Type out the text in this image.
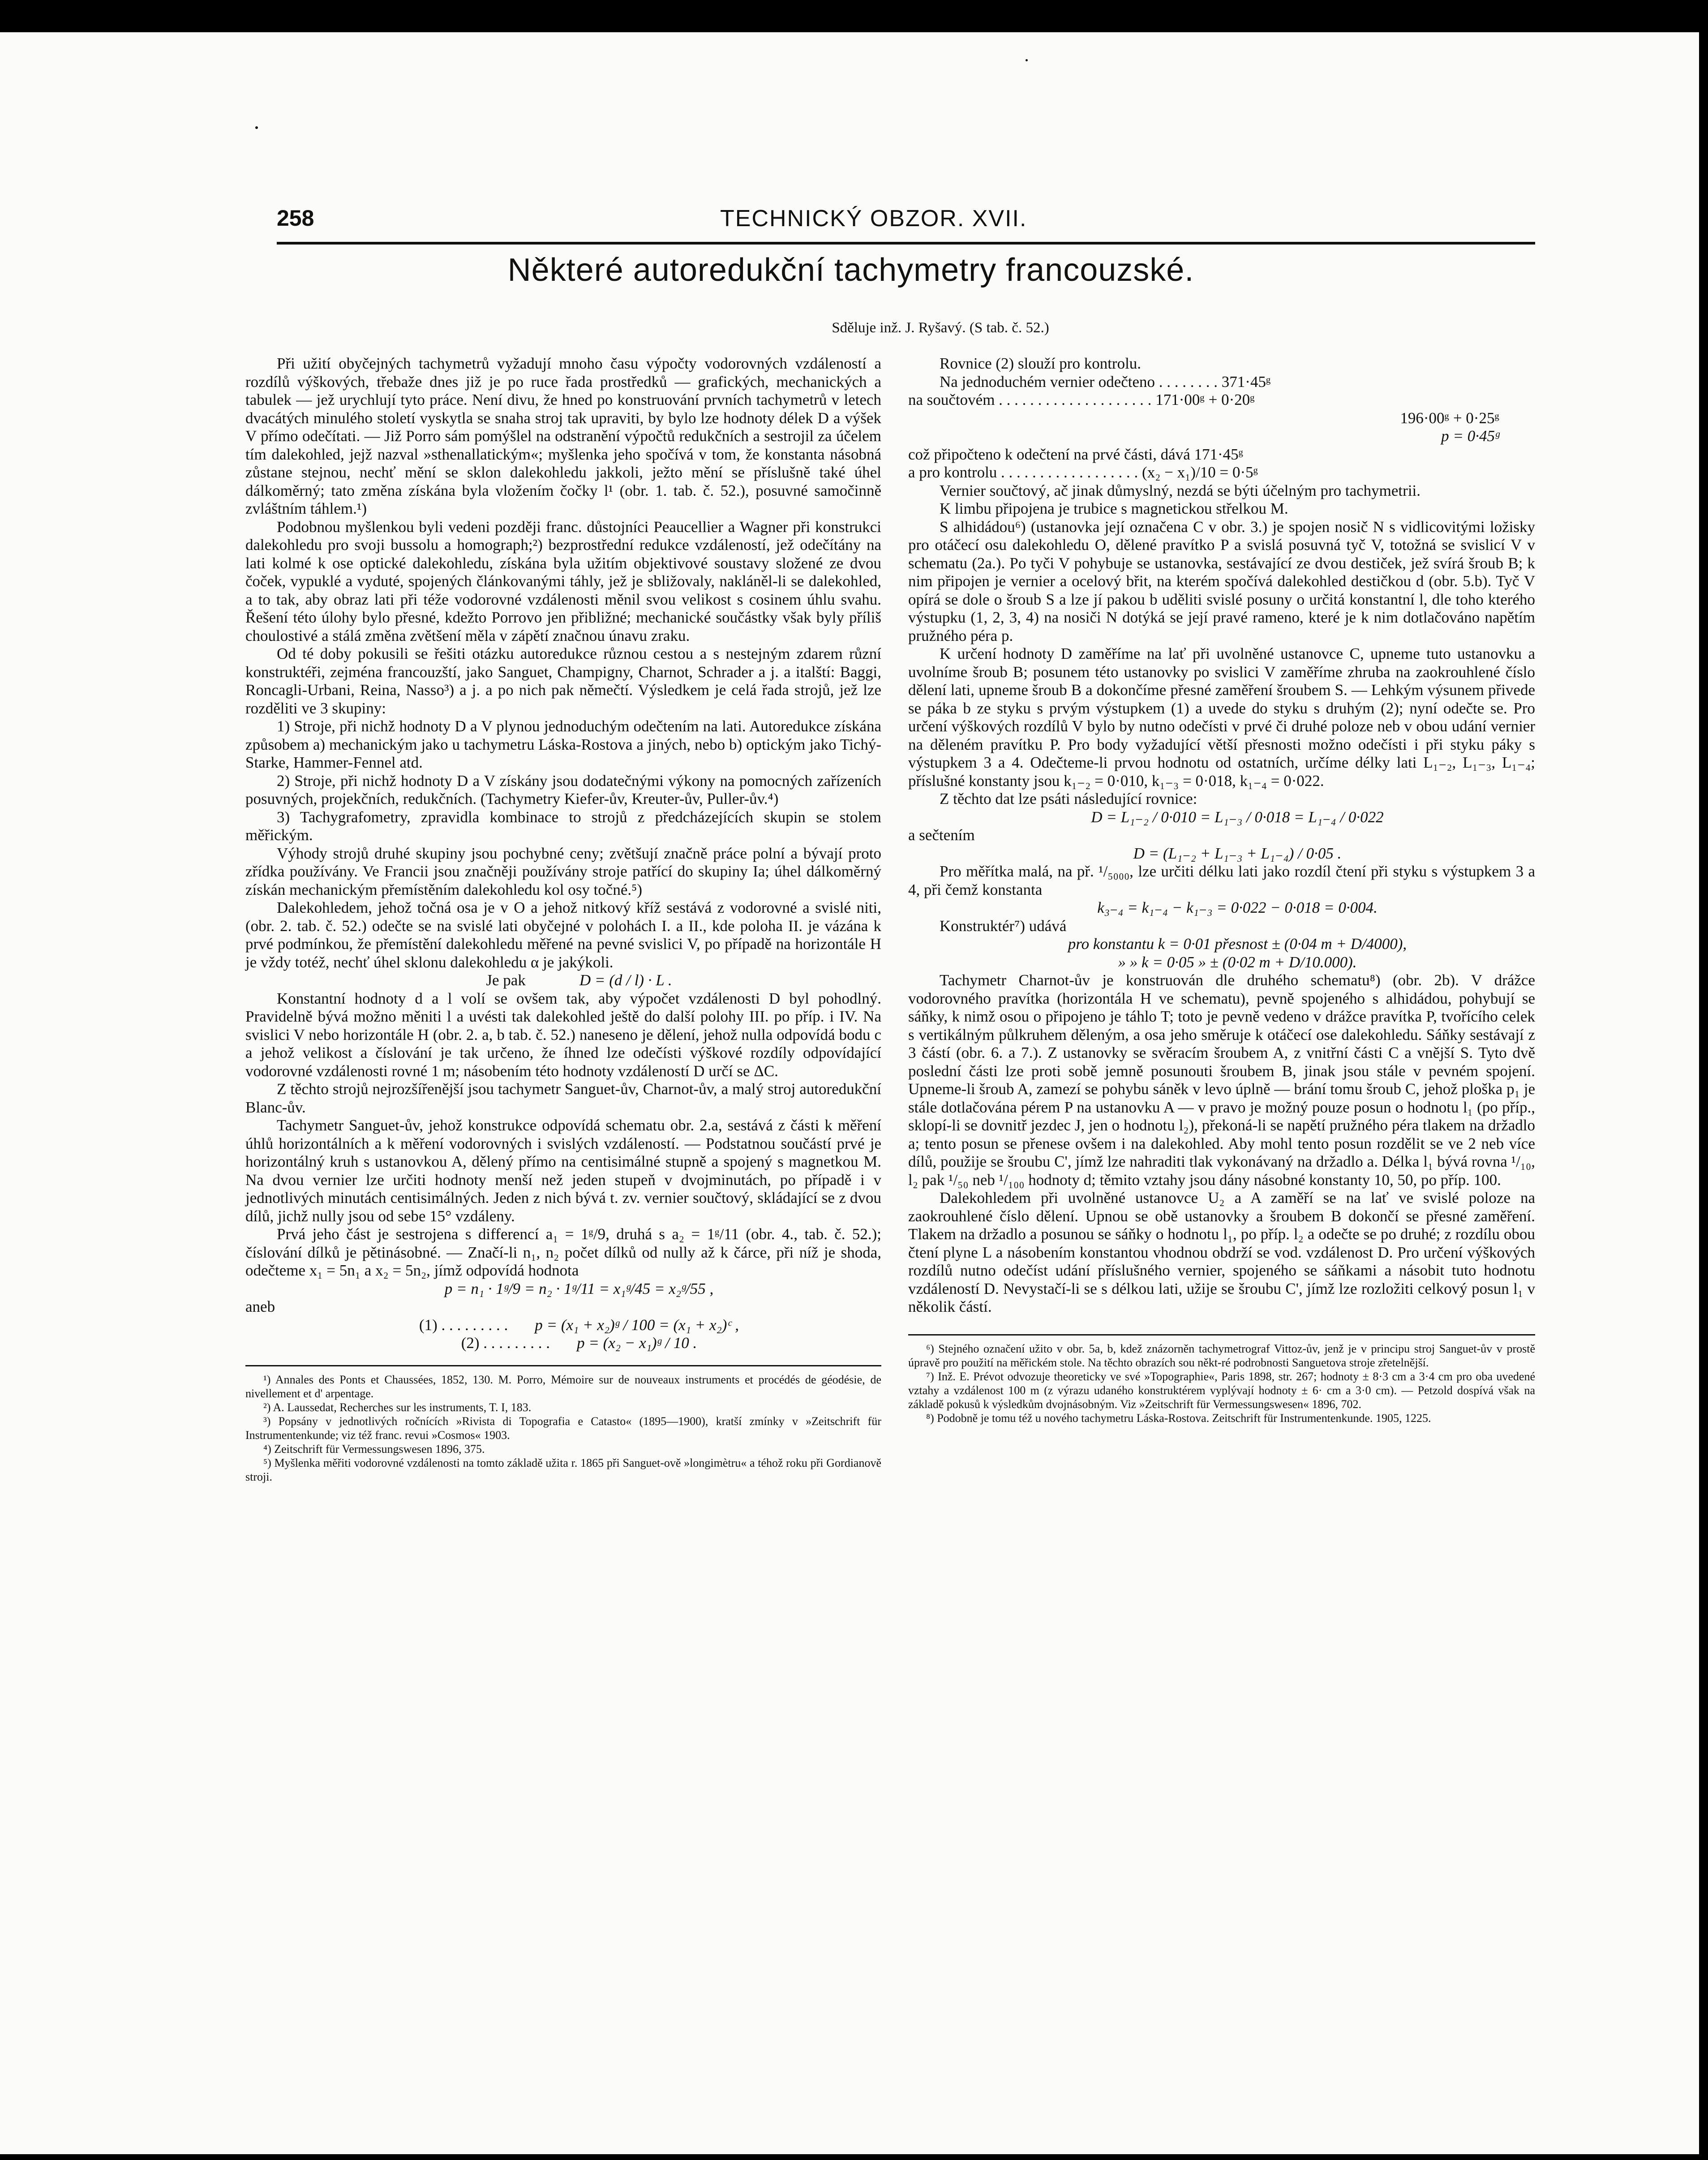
258	TECHNICKÝ OBZOR. XVII.
Některé autoredukční tachymetry francouzské.
Sděluje inž. J. Ryšavý. (S tab. č. 52.)

Při užití obyčejných tachymetrů vyžadují mnoho času výpočty vodorovných vzdáleností a rozdílů výškových, třebaže dnes již je po ruce řada prostředků — grafických, mechanických a tabulek — jež urychlují tyto práce. Není divu, že hned po konstruování prvních tachymetrů v letech dvacátých minulého století vyskytla se snaha stroj tak upraviti, by bylo lze hodnoty délek D a výšek V přímo odečítati. — Již Porro sám pomýšlel na odstranění výpočtů redukčních a sestrojil za účelem tím dalekohled, jejž nazval »sthenallatickým«; myšlenka jeho spočívá v tom, že konstanta násobná zůstane stejnou, nechť mění se sklon dalekohledu jakkoli, ježto mění se příslušně také úhel dálkoměrný; tato změna získána byla vložením čočky l¹ (obr. 1. tab. č. 52.), posuvné samočinně zvláštním táhlem.¹)

Podobnou myšlenkou byli vedeni později franc. důstojníci Peaucellier a Wagner při konstrukci dalekohledu pro svoji bussolu a homograph;²) bezprostřední redukce vzdáleností, jež odečítány na lati kolmé k ose optické dalekohledu, získána byla užitím objektivové soustavy složené ze dvou čoček, vypuklé a vyduté, spojených článkovanými táhly, jež je sbližovaly, nakláněl-li se dalekohled, a to tak, aby obraz lati při téže vodorovné vzdálenosti měnil svou velikost s cosinem úhlu svahu. Řešení této úlohy bylo přesné, kdežto Porrovo jen přibližné; mechanické součástky však byly příliš choulostivé a stálá změna zvětšení měla v zápětí značnou únavu zraku.

Od té doby pokusili se řešiti otázku autoredukce různou cestou a s nestejným zdarem různí konstruktéři, zejména francouzští, jako Sanguet, Champigny, Charnot, Schrader a j. a italští: Baggi, Roncagli-Urbani, Reina, Nasso³) a j. a po nich pak němečtí. Výsledkem je celá řada strojů, jež lze rozděliti ve 3 skupiny:

1) Stroje, při nichž hodnoty D a V plynou jednoduchým odečtením na lati. Autoredukce získána způsobem a) mechanickým jako u tachymetru Láska-Rostova a jiných, nebo b) optickým jako Tichý-Starke, Hammer-Fennel atd.

2) Stroje, při nichž hodnoty D a V získány jsou dodatečnými výkony na pomocných zařízeních posuvných, projekčních, redukčních. (Tachymetry Kiefer-ův, Kreuter-ův, Puller-ův.⁴)

3) Tachygrafometry, zpravidla kombinace to strojů z předcházejících skupin se stolem měřickým.

Výhody strojů druhé skupiny jsou pochybné ceny; zvětšují značně práce polní a bývají proto zřídka používány. Ve Francii jsou značněji používány stroje patřící do skupiny Ia; úhel dálkoměrný získán mechanickým přemístěním dalekohledu kol osy točné.⁵)

Dalekohledem, jehož točná osa je v O a jehož nitkový kříž sestává z vodorovné a svislé niti, (obr. 2. tab. č. 52.) odečte se na svislé lati obyčejné v polohách I. a II., kde poloha II. je vázána k prvé podmínkou, že přemístění dalekohledu měřené na pevné svislici V, po případě na horizontále H je vždy totéž, nechť úhel sklonu dalekohledu α je jakýkoli.

Je pak	D = (d / l) · L .

Konstantní hodnoty d a l volí se ovšem tak, aby výpočet vzdálenosti D byl pohodlný. Pravidelně bývá možno měniti l a uvésti tak dalekohled ještě do další polohy III. po příp. i IV. Na svislici V nebo horizontále H (obr. 2. a, b tab. č. 52.) naneseno je dělení, jehož nulla odpovídá bodu c a jehož velikost a číslování je tak určeno, že íhned lze odečísti výškové rozdíly odpovídající vodorovné vzdálenosti rovné 1 m; násobením této hodnoty vzdáleností D určí se ΔC.

Z těchto strojů nejrozšířenější jsou tachymetr Sanguet-ův, Charnot-ův, a malý stroj autoredukční Blanc-ův.

Tachymetr Sanguet-ův, jehož konstrukce odpovídá schematu obr. 2.a, sestává z části k měření úhlů horizontálních a k měření vodorovných i svislých vzdáleností. — Podstatnou součástí prvé je horizontálný kruh s ustanovkou A, dělený přímo na centisimálné stupně a spojený s magnetkou M. Na dvou vernier lze určiti hodnoty menší než jeden stupeň v dvojminutách, po případě i v jednotlivých minutách centisimálných. Jeden z nich bývá t. zv. vernier součtový, skládající se z dvou dílů, jichž nully jsou od sebe 15° vzdáleny.

Prvá jeho část je sestrojena s differencí a₁ = 1ᵍ/9, druhá s a₂ = 1ᵍ/11 (obr. 4., tab. č. 52.); číslování dílků je pětinásobné. — Značí-li n₁, n₂ počet dílků od nully až k čárce, při níž je shoda, odečteme x₁ = 5n₁ a x₂ = 5n₂, jímž odpovídá hodnota

p = n₁ · 1ᵍ/9 = n₂ · 1ᵍ/11 = x₁ᵍ/45 = x₂ᵍ/55 ,

aneb

(1) . . . . . . . . . p = (x₁ + x₂)ᵍ / 100 = (x₁ + x₂)ᶜ ,

(2) . . . . . . . . . p = (x₂ − x₁)ᵍ / 10 .

¹) Annales des Ponts et Chaussées, 1852, 130. M. Porro, Mémoire sur de nouveaux instruments et procédés de géodésie, de nivellement et d' arpentage.
²) A. Laussedat, Recherches sur les instruments, T. I, 183.
³) Popsány v jednotlivých ročnících »Rivista di Topografia e Catasto« (1895—1900), kratší zmínky v »Zeitschrift für Instrumentenkunde; viz též franc. revui »Cosmos« 1903.
⁴) Zeitschrift für Vermessungswesen 1896, 375.
⁵) Myšlenka měřiti vodorovné vzdálenosti na tomto základě užita r. 1865 při Sanguet-ově »longimètru« a téhož roku při Gordianově stroji.

Rovnice (2) slouží pro kontrolu.

Na jednoduchém vernier odečteno . . . . . . . . 371·45ᵍ

na součtovém . . . . . . . . . . . . . . . . . . . . 171·00ᵍ + 0·20ᵍ

196·00ᵍ + 0·25ᵍ

p = 0·45ᵍ

což připočteno k odečtení na prvé části, dává 171·45ᵍ

a pro kontrolu . . . . . . . . . . . . . . . . . . (x₂ − x₁)/10 = 0·5ᵍ

Vernier součtový, ač jinak důmyslný, nezdá se býti účelným pro tachymetrii.

K limbu připojena je trubice s magnetickou střelkou M.

S alhidádou⁶) (ustanovka její označena C v obr. 3.) je spojen nosič N s vidlicovitými ložisky pro otáčecí osu dalekohledu O, dělené pravítko P a svislá posuvná tyč V, totožná se svislicí V v schematu (2a.). Po tyči V pohybuje se ustanovka, sestávající ze dvou destiček, jež svírá šroub B; k nim připojen je vernier a ocelový břit, na kterém spočívá dalekohled destičkou d (obr. 5.b). Tyč V opírá se dole o šroub S a lze jí pakou b uděliti svislé posuny o určitá konstantní l, dle toho kterého výstupku (1, 2, 3, 4) na nosiči N dotýká se její pravé rameno, které je k nim dotlačováno napětím pružného péra p.

K určení hodnoty D zaměříme na lať při uvolněné ustanovce C, upneme tuto ustanovku a uvolníme šroub B; posunem této ustanovky po svislici V zaměříme zhruba na zaokrouhlené číslo dělení lati, upneme šroub B a dokončíme přesné zaměření šroubem S. — Lehkým výsunem přivede se páka b ze styku s prvým výstupkem (1) a uvede do styku s druhým (2); nyní odečte se. Pro určení výškových rozdílů V bylo by nutno odečísti v prvé či druhé poloze neb v obou udání vernier na děleném pravítku P. Pro body vyžadující větší přesnosti možno odečísti i při styku páky s výstupkem 3 a 4. Odečteme-li prvou hodnotu od ostatních, určíme délky lati L₁₋₂, L₁₋₃, L₁₋₄; příslušné konstanty jsou k₁₋₂ = 0·010, k₁₋₃ = 0·018, k₁₋₄ = 0·022.

Z těchto dat lze psáti následující rovnice:

D = L₁₋₂ / 0·010 = L₁₋₃ / 0·018 = L₁₋₄ / 0·022

a sečtením

D = (L₁₋₂ + L₁₋₃ + L₁₋₄) / 0·05 .

Pro měřítka malá, na př. ¹/₅₀₀₀, lze určiti délku lati jako rozdíl čtení při styku s výstupkem 3 a 4, při čemž konstanta

k₃₋₄ = k₁₋₄ − k₁₋₃ = 0·022 − 0·018 = 0·004.

Konstruktér⁷) udává

pro konstantu k = 0·01 přesnost ± (0·04 m + D/4000),

» » k = 0·05 » ± (0·02 m + D/10.000).

Tachymetr Charnot-ův je konstruován dle druhého schematu⁸) (obr. 2b). V drážce vodorovného pravítka (horizontála H ve schematu), pevně spojeného s alhidádou, pohybují se sáňky, k nimž osou o připojeno je táhlo T; toto je pevně vedeno v drážce pravítka P, tvořícího celek s vertikálným půlkruhem děleným, a osa jeho směruje k otáčecí ose dalekohledu. Sáňky sestávají z 3 částí (obr. 6. a 7.). Z ustanovky se svěracím šroubem A, z vnitřní části C a vnější S. Tyto dvě poslední části lze proti sobě jemně posunouti šroubem B, jinak jsou stále v pevném spojení. Upneme-li šroub A, zamezí se pohybu sáněk v levo úplně — brání tomu šroub C, jehož ploška p₁ je stále dotlačována pérem P na ustanovku A — v pravo je možný pouze posun o hodnotu l₁ (po příp., sklopí-li se dovnitř jezdec J, jen o hodnotu l₂), překoná-li se napětí pružného péra tlakem na držadlo a; tento posun se přenese ovšem i na dalekohled. Aby mohl tento posun rozdělit se ve 2 neb více dílů, použije se šroubu C', jímž lze nahraditi tlak vykonávaný na držadlo a. Délka l₁ bývá rovna ¹/₁₀, l₂ pak ¹/₅₀ neb ¹/₁₀₀ hodnoty d; těmito vztahy jsou dány násobné konstanty 10, 50, po příp. 100.

Dalekohledem při uvolněné ustanovce U₂ a A zaměří se na lať ve svislé poloze na zaokrouhlené číslo dělení. Upnou se obě ustanovky a šroubem B dokončí se přesné zaměření. Tlakem na držadlo a posunou se sáňky o hodnotu l₁, po příp. l₂ a odečte se po druhé; z rozdílu obou čtení plyne L a násobením konstantou vhodnou obdrží se vod. vzdálenost D. Pro určení výškových rozdílů nutno odečíst udání příslušného vernier, spojeného se sáňkami a násobit tuto hodnotu vzdáleností D. Nevystačí-li se s délkou lati, užije se šroubu C', jímž lze rozložiti celkový posun l₁ v několik částí.

⁶) Stejného označení užito v obr. 5a, b, kdež znázorněn tachymetrograf Vittoz-ův, jenž je v principu stroj Sanguet-ův v prostě úpravě pro použití na měřickém stole. Na těchto obrazích sou někt-ré podrobnosti Sanguetova stroje zřetelnější.
⁷) Inž. E. Prévot odvozuje theoreticky ve své »Topographie«, Paris 1898, str. 267; hodnoty ± 8·3 cm a 3·4 cm pro oba uvedené vztahy a vzdálenost 100 m (z výrazu udaného konstruktérem vyplývají hodnoty ± 6· cm a 3·0 cm). — Petzold dospívá však na základě pokusů k výsledkům dvojnásobným. Viz »Zeitschrift für Vermessungswesen« 1896, 702.
⁸) Podobně je tomu též u nového tachymetru Láska-Rostova. Zeitschrift für Instrumentenkunde. 1905, 1225.
